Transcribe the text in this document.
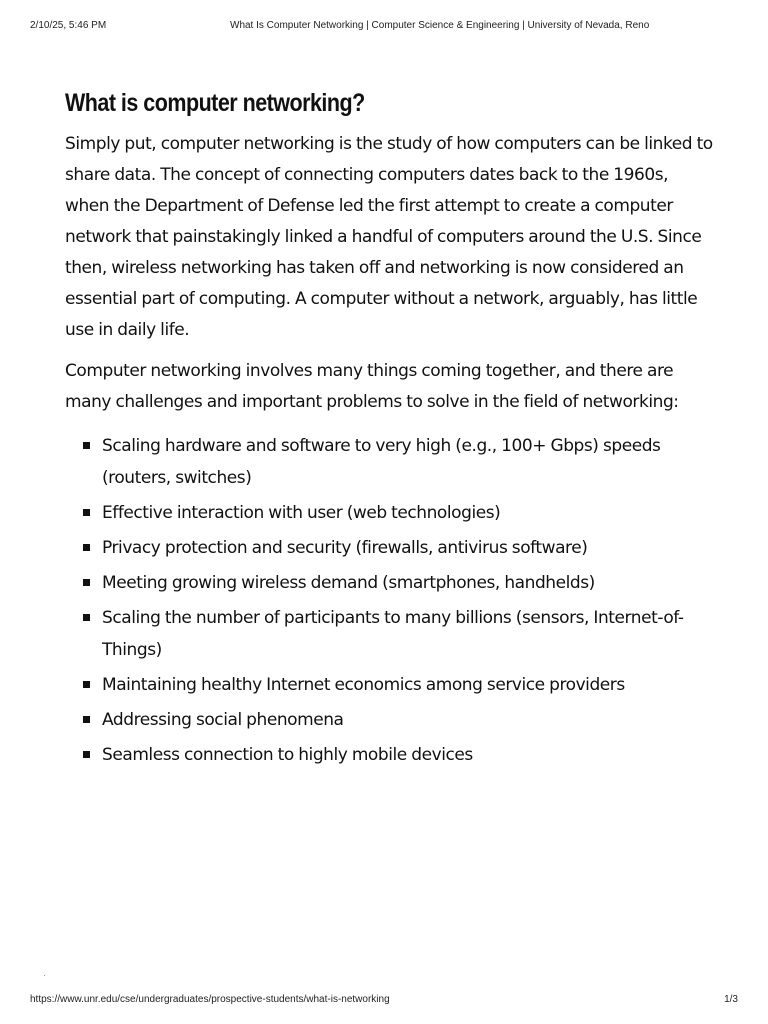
2/10/25, 5:46 PM	What Is Computer Networking | Computer Science & Engineering | University of Nevada, Reno
What is computer networking?

Simply put, computer networking is the study of how computers can be linked to share data. The concept of connecting computers dates back to the 1960s, when the Department of Defense led the first attempt to create a computer network that painstakingly linked a handful of computers around the U.S. Since then, wireless networking has taken off and networking is now considered an essential part of computing. A computer without a network, arguably, has little use in daily life.

Computer networking involves many things coming together, and there are many challenges and important problems to solve in the field of networking:

Scaling hardware and software to very high (e.g., 100+ Gbps) speeds (routers, switches)
Effective interaction with user (web technologies)
Privacy protection and security (firewalls, antivirus software)
Meeting growing wireless demand (smartphones, handhelds)
Scaling the number of participants to many billions (sensors, Internet-of-Things)
Maintaining healthy Internet economics among service providers
Addressing social phenomena
Seamless connection to highly mobile devices
https://www.unr.edu/cse/undergraduates/prospective-students/what-is-networking	1/3
